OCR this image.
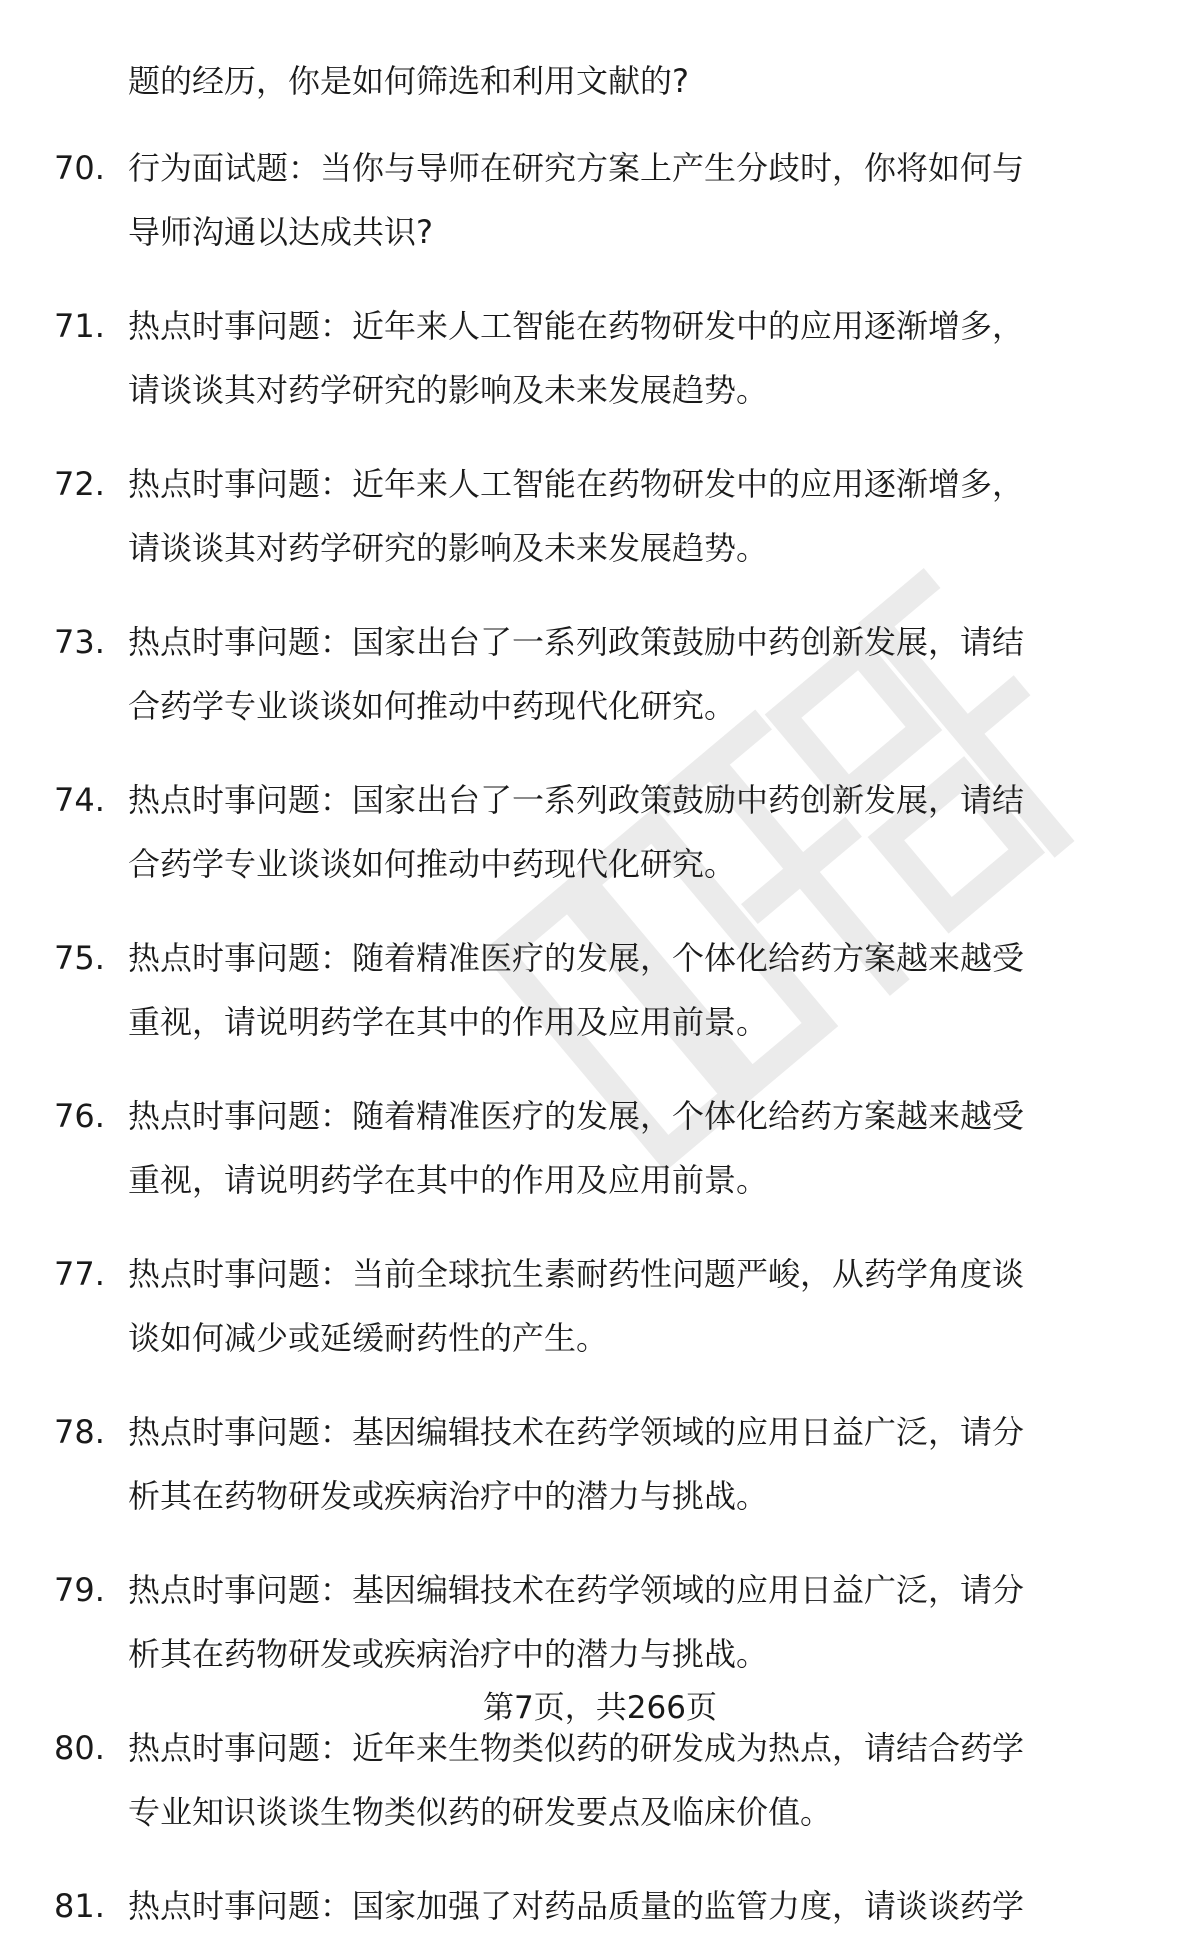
题的经历，你是如何筛选和利用文献的?
70. 行为面试题：当你与导师在研究方案上产生分歧时，你将如何与
导师沟通以达成共识?
71. 热点时事问题：近年来人工智能在药物研发中的应用逐渐增多，
请谈谈其对药学研究的影响及未来发展趋势。
72. 热点时事问题：近年来人工智能在药物研发中的应用逐渐增多，
请谈谈其对药学研究的影响及未来发展趋势。
73. 热点时事问题：国家出台了一系列政策鼓励中药创新发展，请结
合药学专业谈谈如何推动中药现代化研究。
74. 热点时事问题：国家出台了一系列政策鼓励中药创新发展，请结
合药学专业谈谈如何推动中药现代化研究。
75. 热点时事问题：随着精准医疗的发展，个体化给药方案越来越受
重视，请说明药学在其中的作用及应用前景。
76. 热点时事问题：随着精准医疗的发展，个体化给药方案越来越受
重视，请说明药学在其中的作用及应用前景。
77. 热点时事问题：当前全球抗生素耐药性问题严峻，从药学角度谈
谈如何减少或延缓耐药性的产生。
78. 热点时事问题：基因编辑技术在药学领域的应用日益广泛，请分
析其在药物研发或疾病治疗中的潜力与挑战。
79. 热点时事问题：基因编辑技术在药学领域的应用日益广泛，请分
析其在药物研发或疾病治疗中的潜力与挑战。
80. 热点时事问题：近年来生物类似药的研发成为热点，请结合药学
专业知识谈谈生物类似药的研发要点及临床价值。
81. 热点时事问题：国家加强了对药品质量的监管力度，请谈谈药学
第7页，共266页
